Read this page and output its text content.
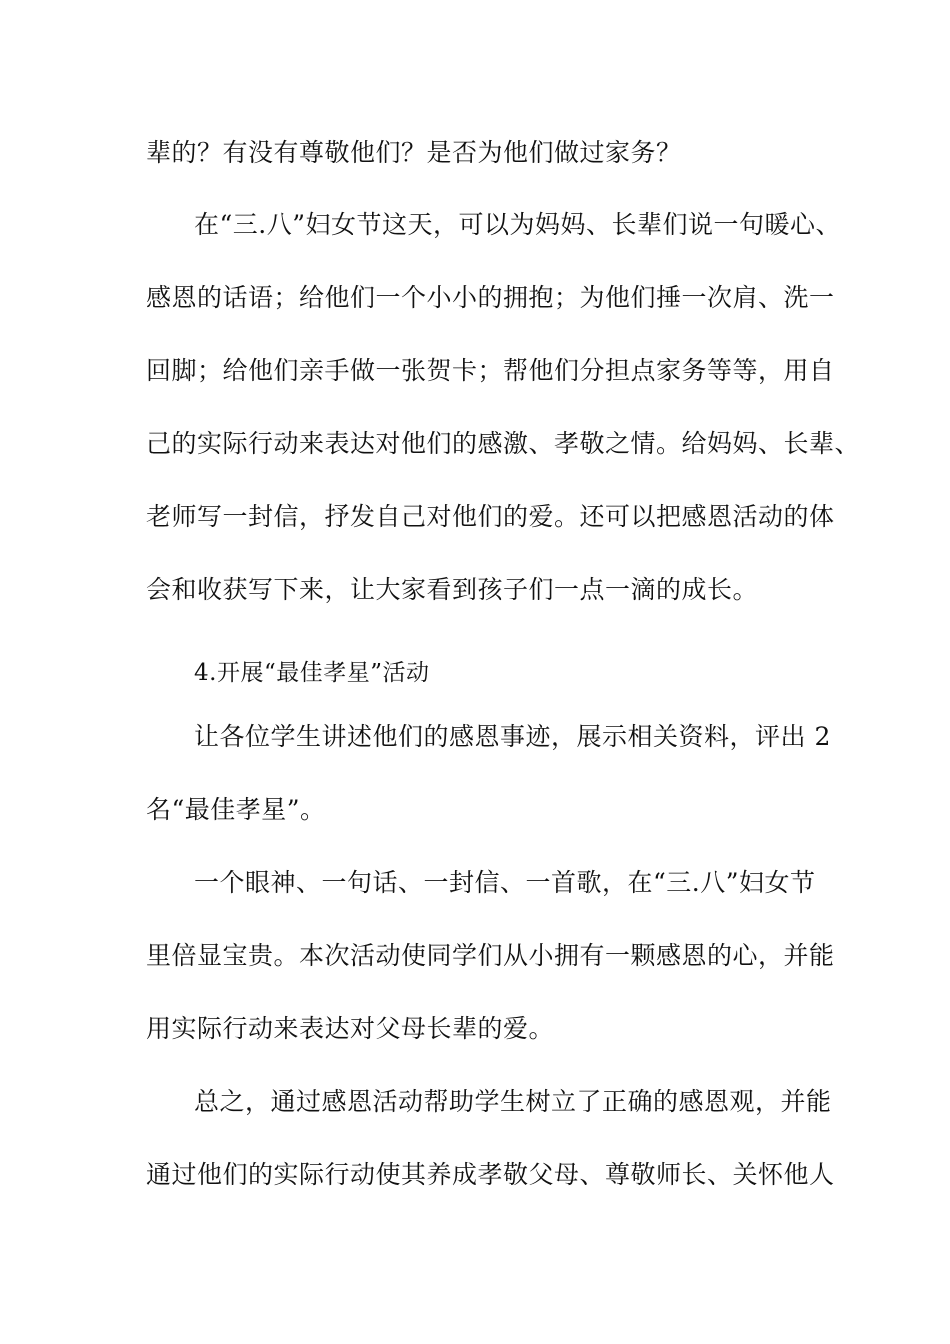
辈的？有没有尊敬他们？是否为他们做过家务？
在“三.八”妇女节这天，可以为妈妈、长辈们说一句暖心、
感恩的话语；给他们一个小小的拥抱；为他们捶一次肩、洗一
回脚；给他们亲手做一张贺卡；帮他们分担点家务等等，用自
己的实际行动来表达对他们的感激、孝敬之情。给妈妈、长辈、
老师写一封信，抒发自己对他们的爱。还可以把感恩活动的体
会和收获写下来，让大家看到孩子们一点一滴的成长。
4.开展“最佳孝星”活动
让各位学生讲述他们的感恩事迹，展示相关资料，评出 2
名“最佳孝星”。
一个眼神、一句话、一封信、一首歌，在“三.八”妇女节
里倍显宝贵。本次活动使同学们从小拥有一颗感恩的心，并能
用实际行动来表达对父母长辈的爱。
总之，通过感恩活动帮助学生树立了正确的感恩观，并能
通过他们的实际行动使其养成孝敬父母、尊敬师长、关怀他人
